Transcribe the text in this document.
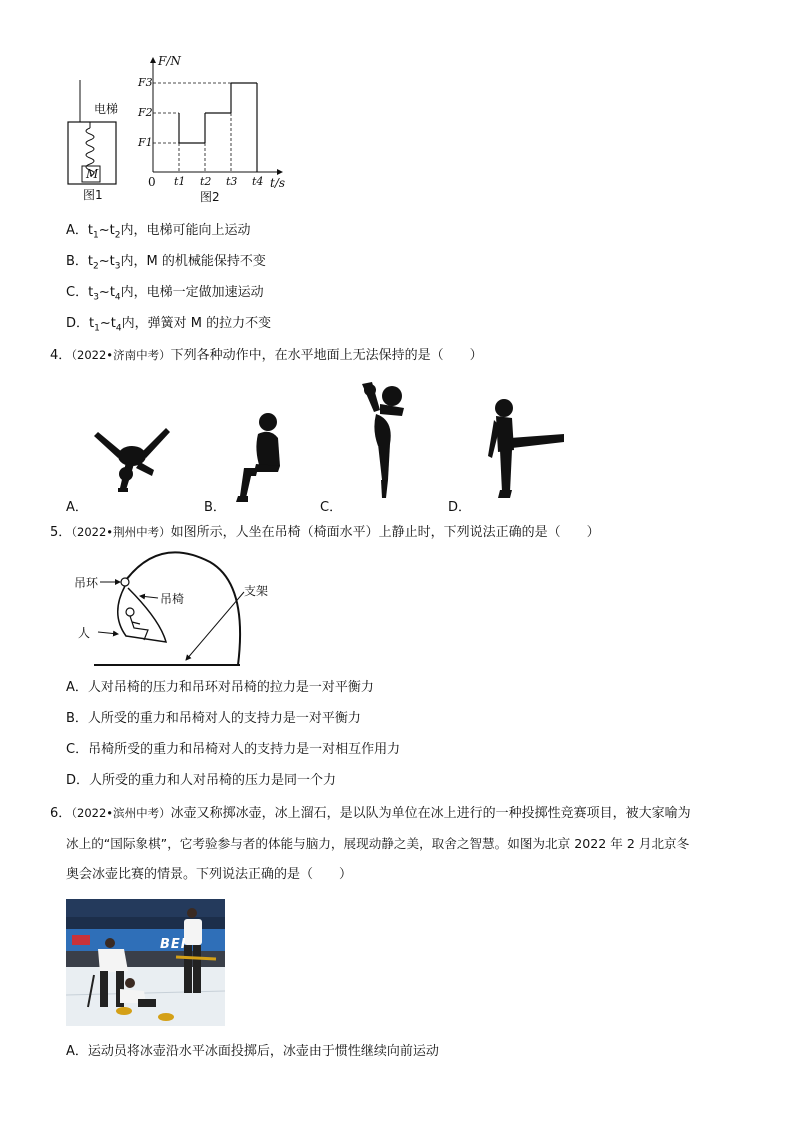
电梯
M
图1
F/N
t/s
0
F3
F2
F1
t1 t2 t3 t4
图2
A．$t_1\sim t_2$内，电梯可能向上运动
B．$t_2\sim t_3$内，M 的机械能保持不变
C．$t_3\sim t_4$内，电梯一定做加速运动
D．$t_1\sim t_4$内，弹簧对 M 的拉力不变
4．（2022•济南中考）下列各种动作中，在水平地面上无法保持的是（　　）
A．	B．	C．	D．
5．（2022•荆州中考）如图所示，人坐在吊椅（椅面水平）上静止时，下列说法正确的是（　　）
吊环
吊椅
支架
人
A．人对吊椅的压力和吊环对吊椅的拉力是一对平衡力
B．人所受的重力和吊椅对人的支持力是一对平衡力
C．吊椅所受的重力和吊椅对人的支持力是一对相互作用力
D．人所受的重力和人对吊椅的压力是同一个力
6．（2022•滨州中考）冰壶又称掷冰壶，冰上溜石，是以队为单位在冰上进行的一种投掷性竞赛项目，被大家喻为
冰上的“国际象棋”，它考验参与者的体能与脑力，展现动静之美，取舍之智慧。如图为北京 2022 年 2 月北京冬
奥会冰壶比赛的情景。下列说法正确的是（　　）
BEI
A．运动员将冰壶沿水平冰面投掷后，冰壶由于惯性继续向前运动
